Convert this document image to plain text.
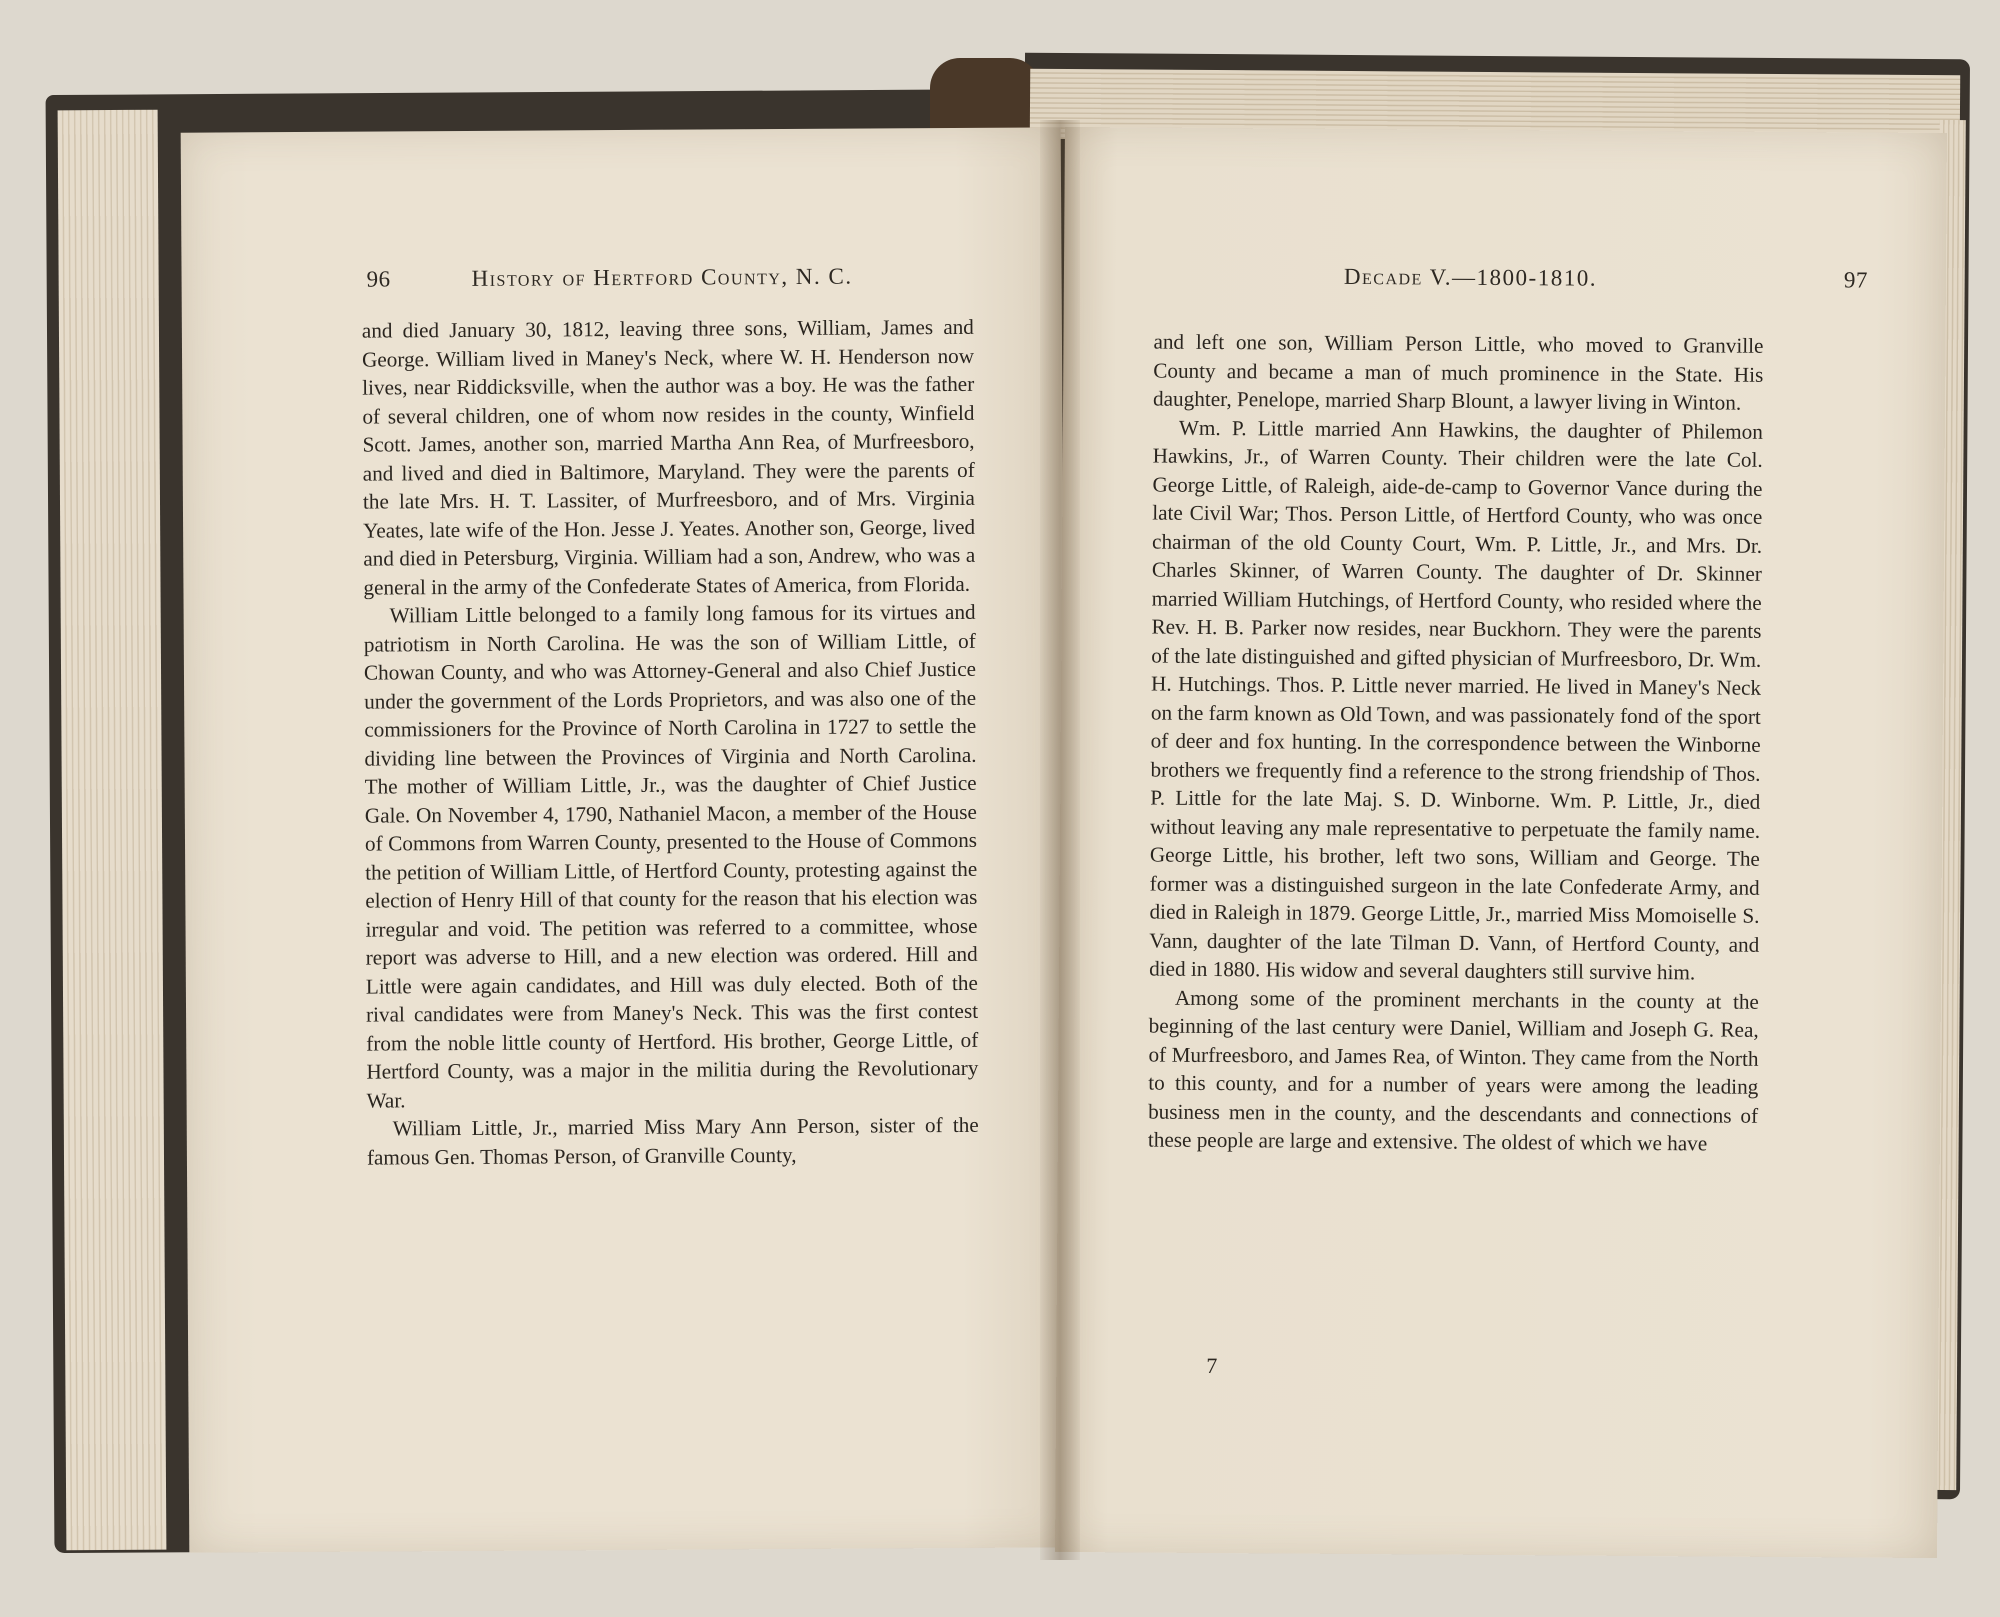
96	History of Hertford County, N. C.

and died January 30, 1812, leaving three sons, William, James and George. William lived in Maney's Neck, where W. H. Henderson now lives, near Riddicksville, when the author was a boy. He was the father of several children, one of whom now resides in the county, Winfield Scott. James, another son, married Martha Ann Rea, of Murfreesboro, and lived and died in Baltimore, Maryland. They were the parents of the late Mrs. H. T. Lassiter, of Murfreesboro, and of Mrs. Virginia Yeates, late wife of the Hon. Jesse J. Yeates. Another son, George, lived and died in Petersburg, Virginia. William had a son, Andrew, who was a general in the army of the Confederate States of America, from Florida.

William Little belonged to a family long famous for its virtues and patriotism in North Carolina. He was the son of William Little, of Chowan County, and who was Attorney-General and also Chief Justice under the government of the Lords Proprietors, and was also one of the commissioners for the Province of North Carolina in 1727 to settle the dividing line between the Provinces of Virginia and North Carolina. The mother of William Little, Jr., was the daughter of Chief Justice Gale. On November 4, 1790, Nathaniel Macon, a member of the House of Commons from Warren County, presented to the House of Commons the petition of William Little, of Hertford County, protesting against the election of Henry Hill of that county for the reason that his election was irregular and void. The petition was referred to a committee, whose report was adverse to Hill, and a new election was ordered. Hill and Little were again candidates, and Hill was duly elected. Both of the rival candidates were from Maney's Neck. This was the first contest from the noble little county of Hertford. His brother, George Little, of Hertford County, was a major in the militia during the Revolutionary War.

William Little, Jr., married Miss Mary Ann Person, sister of the famous Gen. Thomas Person, of Granville County,

Decade V.—1800-1810.	97

and left one son, William Person Little, who moved to Granville County and became a man of much prominence in the State. His daughter, Penelope, married Sharp Blount, a lawyer living in Winton.

Wm. P. Little married Ann Hawkins, the daughter of Philemon Hawkins, Jr., of Warren County. Their children were the late Col. George Little, of Raleigh, aide-de-camp to Governor Vance during the late Civil War; Thos. Person Little, of Hertford County, who was once chairman of the old County Court, Wm. P. Little, Jr., and Mrs. Dr. Charles Skinner, of Warren County. The daughter of Dr. Skinner married William Hutchings, of Hertford County, who resided where the Rev. H. B. Parker now resides, near Buckhorn. They were the parents of the late distinguished and gifted physician of Murfreesboro, Dr. Wm. H. Hutchings. Thos. P. Little never married. He lived in Maney's Neck on the farm known as Old Town, and was passionately fond of the sport of deer and fox hunting. In the correspondence between the Winborne brothers we frequently find a reference to the strong friendship of Thos. P. Little for the late Maj. S. D. Winborne. Wm. P. Little, Jr., died without leaving any male representative to perpetuate the family name. George Little, his brother, left two sons, William and George. The former was a distinguished surgeon in the late Confederate Army, and died in Raleigh in 1879. George Little, Jr., married Miss Momoiselle S. Vann, daughter of the late Tilman D. Vann, of Hertford County, and died in 1880. His widow and several daughters still survive him.

Among some of the prominent merchants in the county at the beginning of the last century were Daniel, William and Joseph G. Rea, of Murfreesboro, and James Rea, of Winton. They came from the North to this county, and for a number of years were among the leading business men in the county, and the descendants and connections of these people are large and extensive. The oldest of which we have

7
